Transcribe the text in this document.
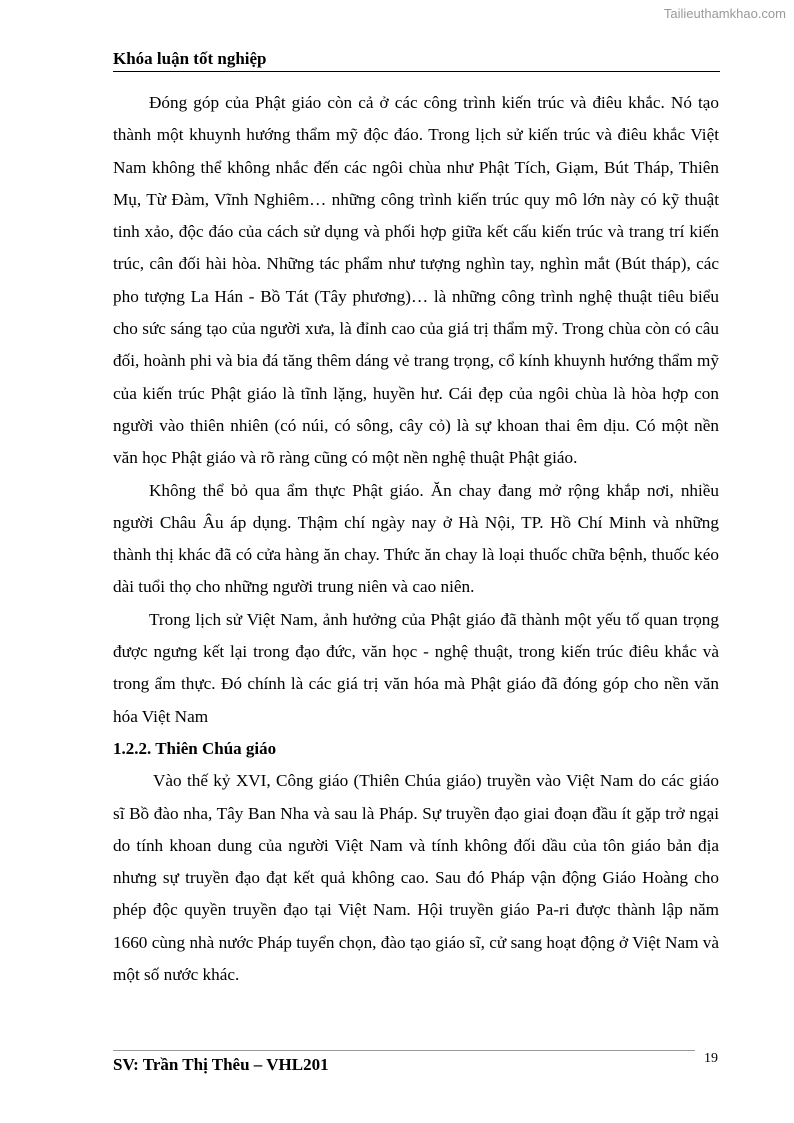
Tailieuthamkhao.com
Khóa luận tốt nghiệp

Đóng góp của Phật giáo còn cả ở các công trình kiến trúc và điêu khắc. Nó tạo thành một khuynh hướng thẩm mỹ độc đáo. Trong lịch sử kiến trúc và điêu khắc Việt Nam không thể không nhắc đến các ngôi chùa như Phật Tích, Giạm, Bút Tháp, Thiên Mụ, Từ Đàm, Vĩnh Nghiêm… những công trình kiến trúc quy mô lớn này có kỹ thuật tinh xảo, độc đáo của cách sử dụng và phối hợp giữa kết cấu kiến trúc và trang trí kiến trúc, cân đối hài hòa. Những tác phẩm như tượng nghìn tay, nghìn mắt (Bút tháp), các pho tượng La Hán - Bồ Tát (Tây phương)… là những công trình nghệ thuật tiêu biểu cho sức sáng tạo của người xưa, là đỉnh cao của giá trị thẩm mỹ. Trong chùa còn có câu đối, hoành phi và bia đá tăng thêm dáng vẻ trang trọng, cổ kính khuynh hướng thẩm mỹ của kiến trúc Phật giáo là tĩnh lặng, huyền hư. Cái đẹp của ngôi chùa là hòa hợp con người vào thiên nhiên (có núi, có sông, cây cỏ) là sự khoan thai êm dịu. Có một nền văn học Phật giáo và rõ ràng cũng có một nền nghệ thuật Phật giáo.

Không thể bỏ qua ẩm thực Phật giáo. Ăn chay đang mở rộng khắp nơi, nhiều người Châu Âu áp dụng. Thậm chí ngày nay ở Hà Nội, TP. Hồ Chí Minh và những thành thị khác đã có cửa hàng ăn chay. Thức ăn chay là loại thuốc chữa bệnh, thuốc kéo dài tuổi thọ cho những người trung niên và cao niên.

Trong lịch sử Việt Nam, ảnh hưởng của Phật giáo đã thành một yếu tố quan trọng được ngưng kết lại trong đạo đức, văn học - nghệ thuật, trong kiến trúc điêu khắc và trong ẩm thực. Đó chính là các giá trị văn hóa mà Phật giáo đã đóng góp cho nền văn hóa Việt Nam

1.2.2. Thiên Chúa giáo

Vào thế kỷ XVI, Công giáo (Thiên Chúa giáo) truyền vào Việt Nam do các giáo sĩ Bồ đào nha, Tây Ban Nha và sau là Pháp. Sự truyền đạo giai đoạn đầu ít gặp trở ngại do tính khoan dung của người Việt Nam và tính không đối dầu của tôn giáo bản địa nhưng sự truyền đạo đạt kết quả không cao. Sau đó Pháp vận động Giáo Hoàng cho phép độc quyền truyền đạo tại Việt Nam. Hội truyền giáo Pa-ri được thành lập năm 1660 cùng nhà nước Pháp tuyển chọn, đào tạo giáo sĩ, cử sang hoạt động ở Việt Nam và một số nước khác.

19
SV: Trần Thị Thêu – VHL201
